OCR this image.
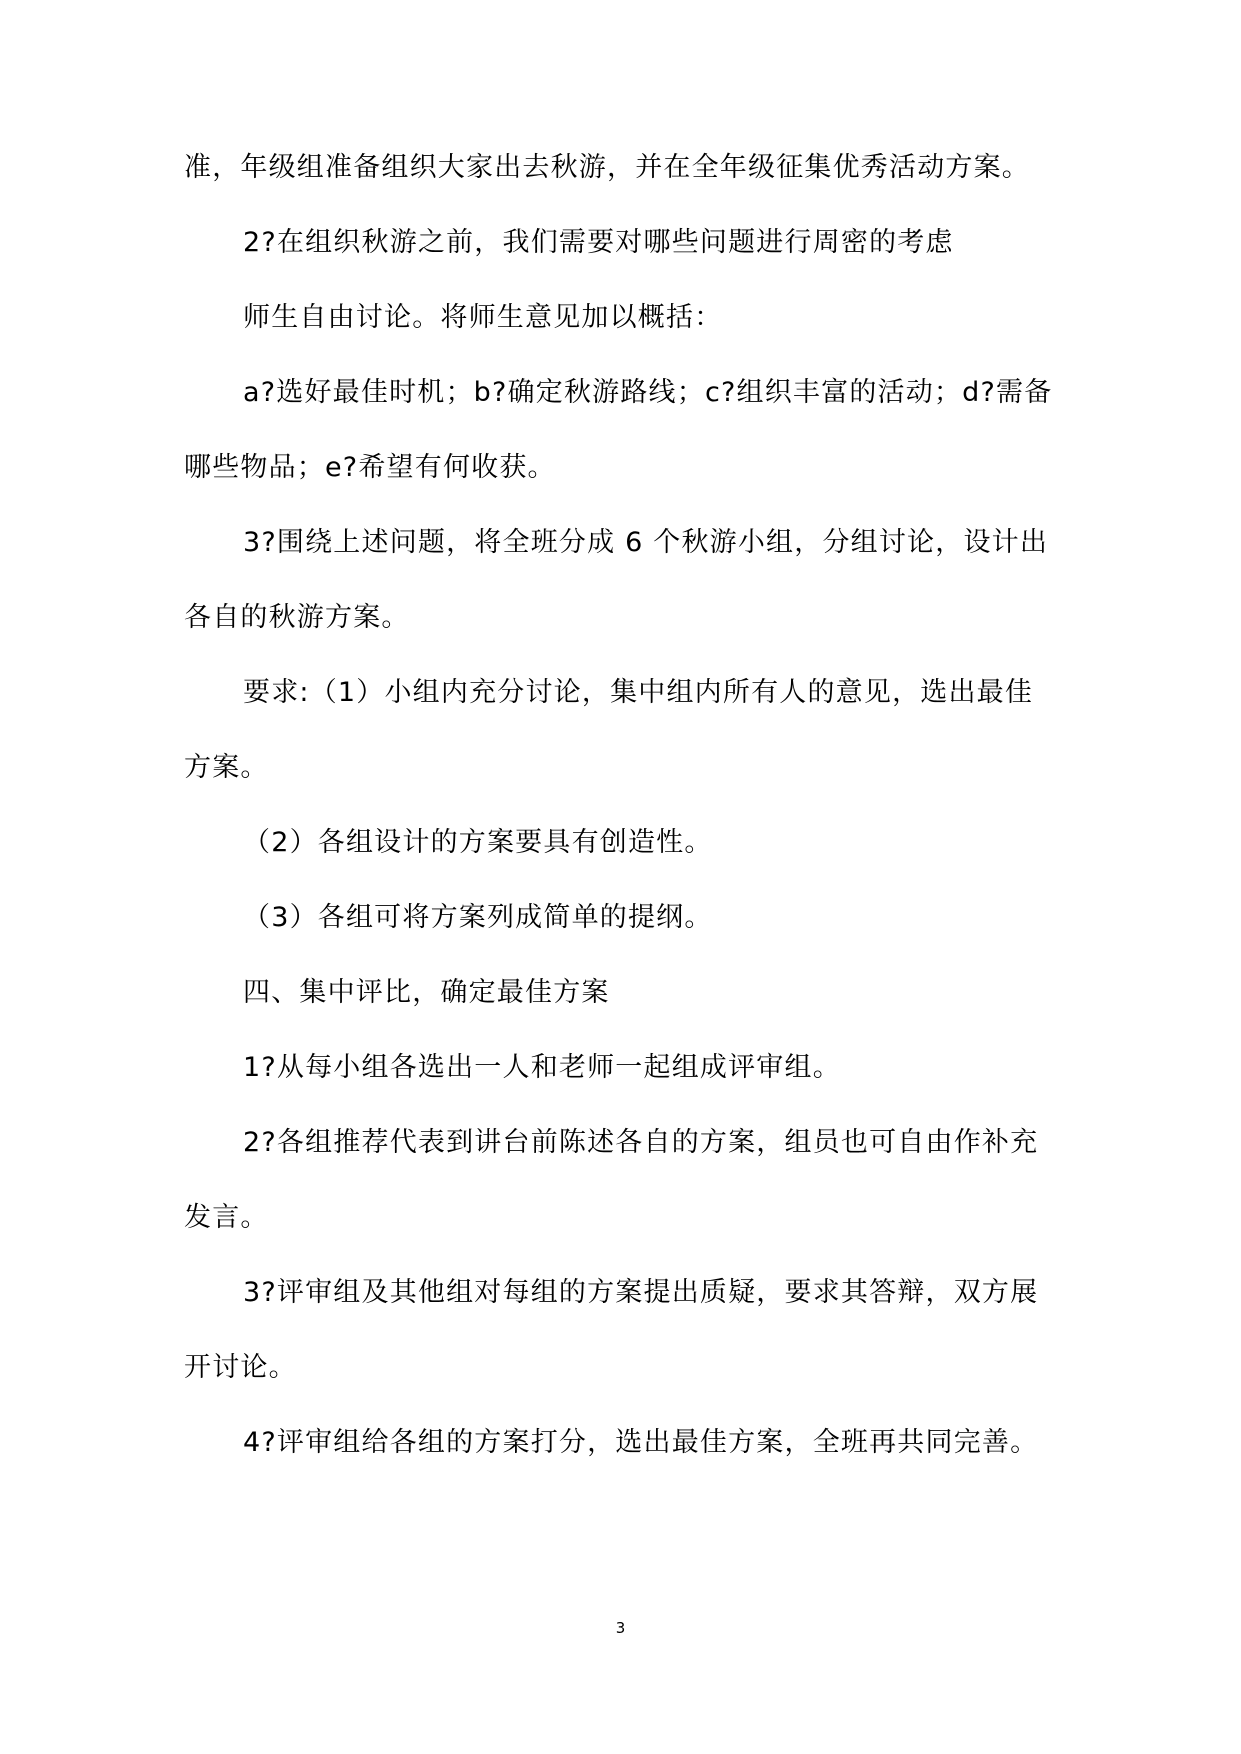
准，年级组准备组织大家出去秋游，并在全年级征集优秀活动方案。
2?在组织秋游之前，我们需要对哪些问题进行周密的考虑
师生自由讨论。将师生意见加以概括：
a?选好最佳时机；b?确定秋游路线；c?组织丰富的活动；d?需备
哪些物品；e?希望有何收获。
3?围绕上述问题，将全班分成 6 个秋游小组，分组讨论，设计出
各自的秋游方案。
要求:（1）小组内充分讨论，集中组内所有人的意见，选出最佳
方案。
（2）各组设计的方案要具有创造性。
（3）各组可将方案列成简单的提纲。
四、集中评比，确定最佳方案
1?从每小组各选出一人和老师一起组成评审组。
2?各组推荐代表到讲台前陈述各自的方案，组员也可自由作补充
发言。
3?评审组及其他组对每组的方案提出质疑，要求其答辩，双方展
开讨论。
4?评审组给各组的方案打分，选出最佳方案，全班再共同完善。
3
